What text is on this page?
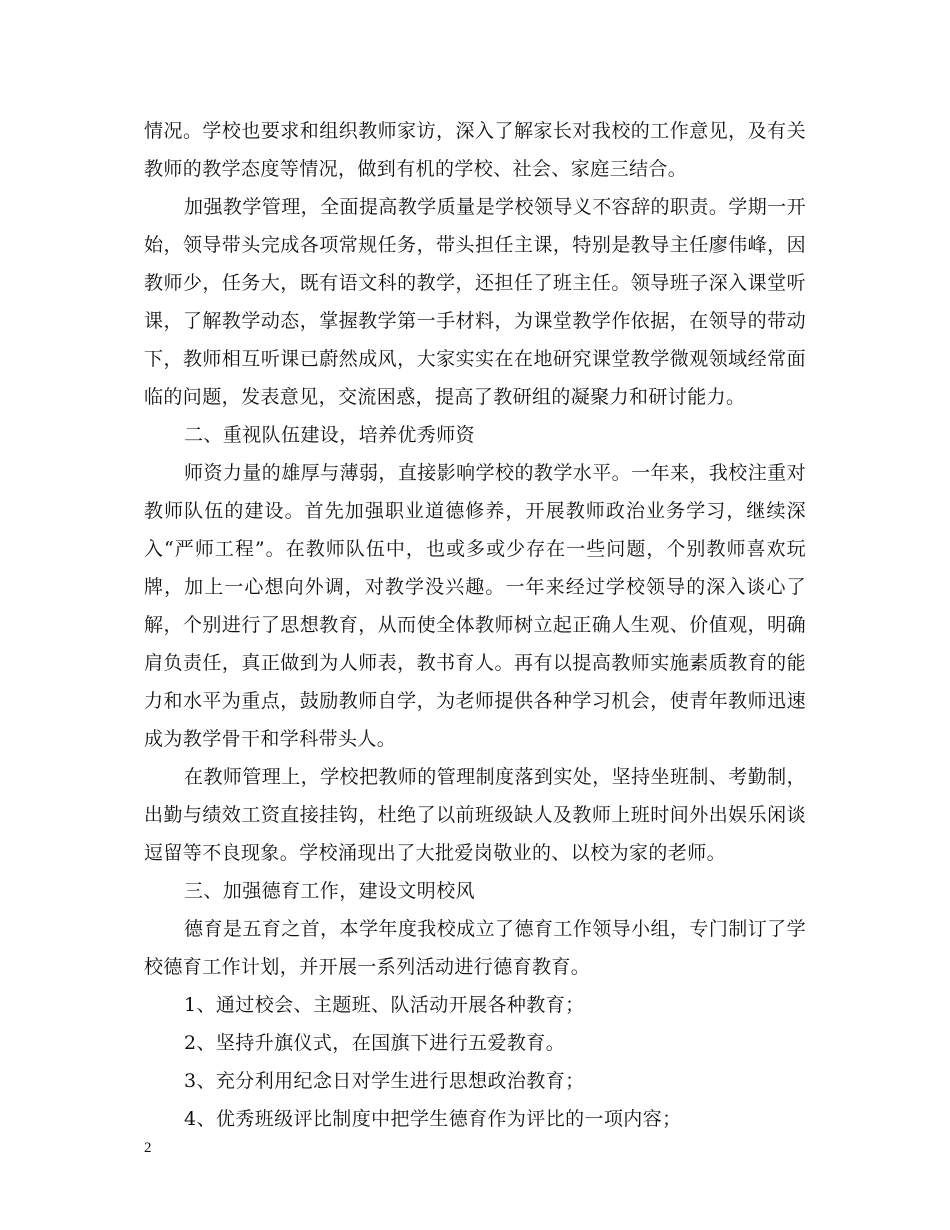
情况。学校也要求和组织教师家访，深入了解家长对我校的工作意见，及有关教师的教学态度等情况，做到有机的学校、社会、家庭三结合。

加强教学管理，全面提高教学质量是学校领导义不容辞的职责。学期一开始，领导带头完成各项常规任务，带头担任主课，特别是教导主任廖伟峰，因教师少，任务大，既有语文科的教学，还担任了班主任。领导班子深入课堂听课，了解教学动态，掌握教学第一手材料，为课堂教学作依据，在领导的带动下，教师相互听课已蔚然成风，大家实实在在地研究课堂教学微观领域经常面临的问题，发表意见，交流困惑，提高了教研组的凝聚力和研讨能力。

二、重视队伍建设，培养优秀师资

师资力量的雄厚与薄弱，直接影响学校的教学水平。一年来，我校注重对教师队伍的建设。首先加强职业道德修养，开展教师政治业务学习，继续深入“严师工程”。在教师队伍中，也或多或少存在一些问题，个别教师喜欢玩牌，加上一心想向外调，对教学没兴趣。一年来经过学校领导的深入谈心了解，个别进行了思想教育，从而使全体教师树立起正确人生观、价值观，明确肩负责任，真正做到为人师表，教书育人。再有以提高教师实施素质教育的能力和水平为重点，鼓励教师自学，为老师提供各种学习机会，使青年教师迅速成为教学骨干和学科带头人。

在教师管理上，学校把教师的管理制度落到实处，坚持坐班制、考勤制，出勤与绩效工资直接挂钩，杜绝了以前班级缺人及教师上班时间外出娱乐闲谈逗留等不良现象。学校涌现出了大批爱岗敬业的、以校为家的老师。

三、加强德育工作，建设文明校风

德育是五育之首，本学年度我校成立了德育工作领导小组，专门制订了学校德育工作计划，并开展一系列活动进行德育教育。

1、通过校会、主题班、队活动开展各种教育；

2、坚持升旗仪式，在国旗下进行五爱教育。

3、充分利用纪念日对学生进行思想政治教育；

4、优秀班级评比制度中把学生德育作为评比的一项内容；

2
